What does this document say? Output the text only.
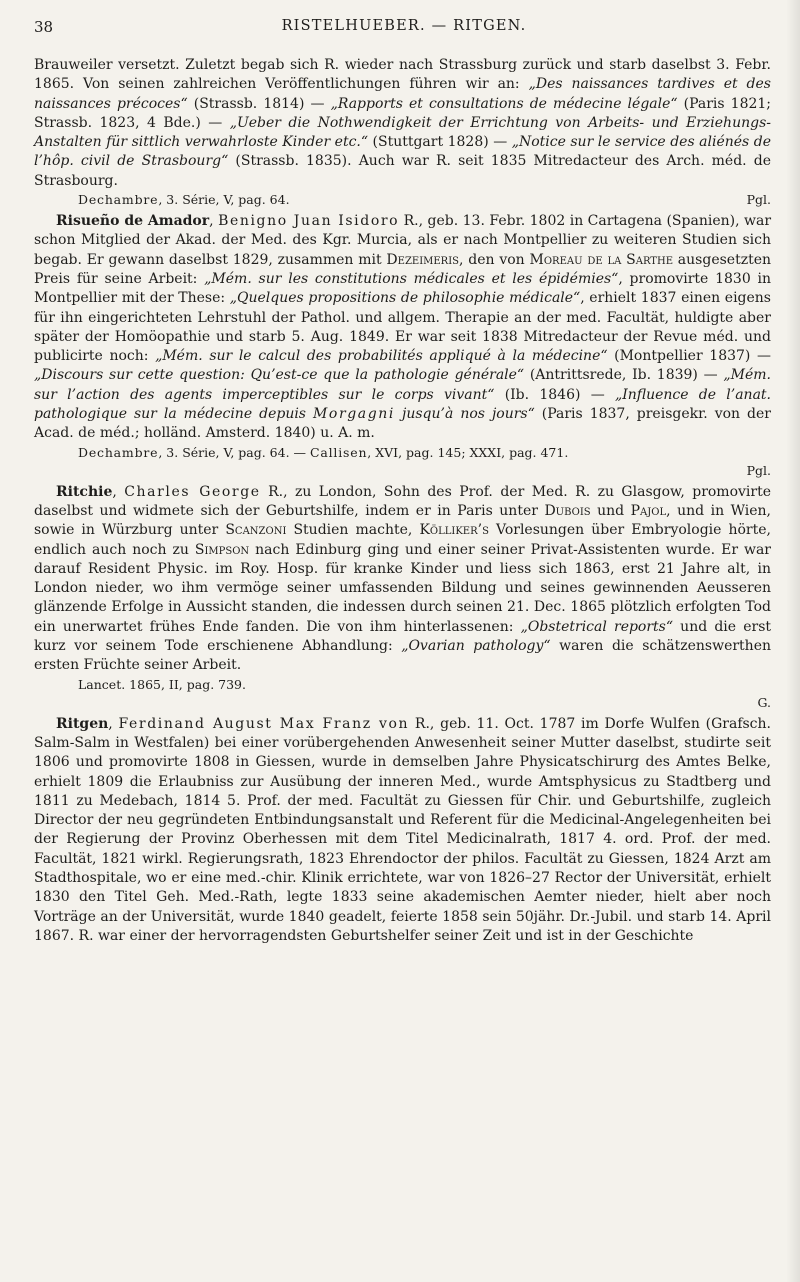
38	RISTELHUEBER. — RITGEN.

Brauweiler versetzt. Zuletzt begab sich R. wieder nach Strassburg zurück und starb daselbst 3. Febr. 1865. Von seinen zahlreichen Veröffentlichungen führen wir an: „Des naissances tardives et des naissances précoces“ (Strassb. 1814) — „Rapports et consultations de médecine légale“ (Paris 1821; Strassb. 1823, 4 Bde.) — „Ueber die Nothwendigkeit der Errichtung von Arbeits- und Erziehungs-Anstalten für sittlich verwahrloste Kinder etc.“ (Stuttgart 1828) — „Notice sur le service des aliénés de l’hôp. civil de Strasbourg“ (Strassb. 1835). Auch war R. seit 1835 Mitredacteur des Arch. méd. de Strasbourg.

Dechambre, 3. Série, V, pag. 64.	Pgl.

Risueño de Amador, Benigno Juan Isidoro R., geb. 13. Febr. 1802 in Cartagena (Spanien), war schon Mitglied der Akad. der Med. des Kgr. Murcia, als er nach Montpellier zu weiteren Studien sich begab. Er gewann daselbst 1829, zusammen mit Dezeimeris, den von Moreau de la Sarthe ausgesetzten Preis für seine Arbeit: „Mém. sur les constitutions médicales et les épidémies“, promovirte 1830 in Montpellier mit der These: „Quelques propositions de philosophie médicale“, erhielt 1837 einen eigens für ihn eingerichteten Lehrstuhl der Pathol. und allgem. Therapie an der med. Facultät, huldigte aber später der Homöopathie und starb 5. Aug. 1849. Er war seit 1838 Mitredacteur der Revue méd. und publicirte noch: „Mém. sur le calcul des probabilités appliqué à la médecine“ (Montpellier 1837) — „Discours sur cette question: Qu’est-ce que la pathologie générale“ (Antrittsrede, Ib. 1839) — „Mém. sur l’action des agents imperceptibles sur le corps vivant“ (Ib. 1846) — „Influence de l’anat. pathologique sur la médecine depuis Morgagni jusqu’à nos jours“ (Paris 1837, preisgekr. von der Acad. de méd.; holländ. Amsterd. 1840) u. A. m.

Dechambre, 3. Série, V, pag. 64. — Callisen, XVI, pag. 145; XXXI, pag. 471.

Pgl.

Ritchie, Charles George R., zu London, Sohn des Prof. der Med. R. zu Glasgow, promovirte daselbst und widmete sich der Geburtshilfe, indem er in Paris unter Dubois und Pajol, und in Wien, sowie in Würzburg unter Scanzoni Studien machte, Kölliker’s Vorlesungen über Embryologie hörte, endlich auch noch zu Simpson nach Edinburg ging und einer seiner Privat-Assistenten wurde. Er war darauf Resident Physic. im Roy. Hosp. für kranke Kinder und liess sich 1863, erst 21 Jahre alt, in London nieder, wo ihm vermöge seiner umfassenden Bildung und seines gewinnenden Aeusseren glänzende Erfolge in Aussicht standen, die indessen durch seinen 21. Dec. 1865 plötzlich erfolgten Tod ein unerwartet frühes Ende fanden. Die von ihm hinterlassenen: „Obstetrical reports“ und die erst kurz vor seinem Tode erschienene Abhandlung: „Ovarian pathology“ waren die schätzenswerthen ersten Früchte seiner Arbeit.

Lancet. 1865, II, pag. 739.

G.

Ritgen, Ferdinand August Max Franz von R., geb. 11. Oct. 1787 im Dorfe Wulfen (Grafsch. Salm-Salm in Westfalen) bei einer vorübergehenden Anwesenheit seiner Mutter daselbst, studirte seit 1806 und promovirte 1808 in Giessen, wurde in demselben Jahre Physicatschirurg des Amtes Belke, erhielt 1809 die Erlaubniss zur Ausübung der inneren Med., wurde Amtsphysicus zu Stadtberg und 1811 zu Medebach, 1814 5. Prof. der med. Facultät zu Giessen für Chir. und Geburtshilfe, zugleich Director der neu gegründeten Entbindungsanstalt und Referent für die Medicinal-Angelegenheiten bei der Regierung der Provinz Oberhessen mit dem Titel Medicinalrath, 1817 4. ord. Prof. der med. Facultät, 1821 wirkl. Regierungsrath, 1823 Ehrendoctor der philos. Facultät zu Giessen, 1824 Arzt am Stadthospitale, wo er eine med.-chir. Klinik errichtete, war von 1826–27 Rector der Universität, erhielt 1830 den Titel Geh. Med.-Rath, legte 1833 seine akademischen Aemter nieder, hielt aber noch Vorträge an der Universität, wurde 1840 geadelt, feierte 1858 sein 50jähr. Dr.-Jubil. und starb 14. April 1867. R. war einer der hervorragendsten Geburtshelfer seiner Zeit und ist in der Geschichte
